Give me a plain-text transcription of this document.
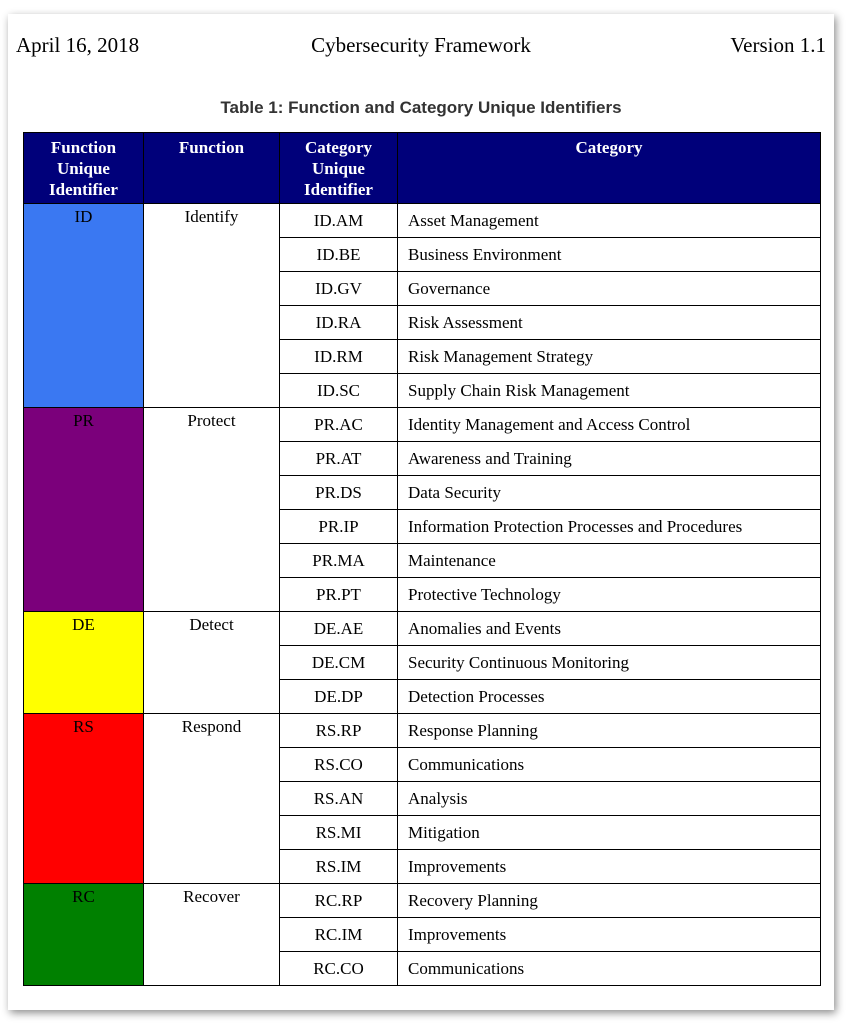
April 16, 2018	Cybersecurity Framework	Version 1.1
Table 1: Function and Category Unique Identifiers
Function Unique Identifier	Function	Category Unique Identifier	Category
ID	Identify	ID.AM	Asset Management
		ID.BE	Business Environment
		ID.GV	Governance
		ID.RA	Risk Assessment
		ID.RM	Risk Management Strategy
		ID.SC	Supply Chain Risk Management
PR	Protect	PR.AC	Identity Management and Access Control
		PR.AT	Awareness and Training
		PR.DS	Data Security
		PR.IP	Information Protection Processes and Procedures
		PR.MA	Maintenance
		PR.PT	Protective Technology
DE	Detect	DE.AE	Anomalies and Events
		DE.CM	Security Continuous Monitoring
		DE.DP	Detection Processes
RS	Respond	RS.RP	Response Planning
		RS.CO	Communications
		RS.AN	Analysis
		RS.MI	Mitigation
		RS.IM	Improvements
RC	Recover	RC.RP	Recovery Planning
		RC.IM	Improvements
		RC.CO	Communications
